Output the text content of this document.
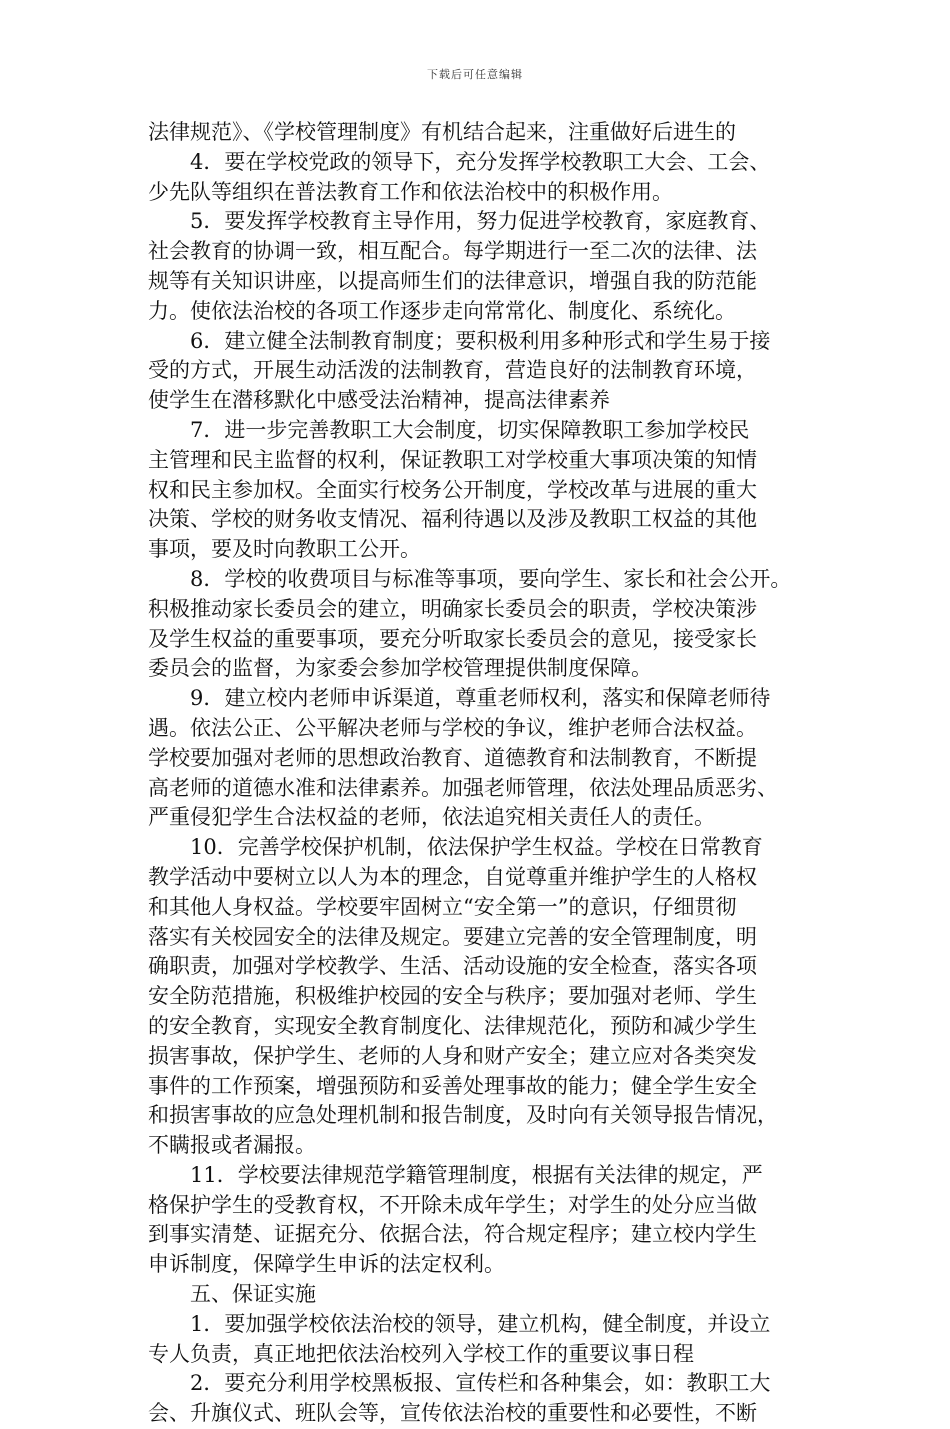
下载后可任意编辑
法律规范》、《学校管理制度》有机结合起来，注重做好后进生的
4．要在学校党政的领导下，充分发挥学校教职工大会、工会、
少先队等组织在普法教育工作和依法治校中的积极作用。
5．要发挥学校教育主导作用，努力促进学校教育，家庭教育、
社会教育的协调一致，相互配合。每学期进行一至二次的法律、法
规等有关知识讲座，以提高师生们的法律意识，增强自我的防范能
力。使依法治校的各项工作逐步走向常常化、制度化、系统化。
6．建立健全法制教育制度；要积极利用多种形式和学生易于接
受的方式，开展生动活泼的法制教育，营造良好的法制教育环境，
使学生在潜移默化中感受法治精神，提高法律素养
7．进一步完善教职工大会制度，切实保障教职工参加学校民
主管理和民主监督的权利，保证教职工对学校重大事项决策的知情
权和民主参加权。全面实行校务公开制度，学校改革与进展的重大
决策、学校的财务收支情况、福利待遇以及涉及教职工权益的其他
事项，要及时向教职工公开。
8．学校的收费项目与标准等事项，要向学生、家长和社会公开。
积极推动家长委员会的建立，明确家长委员会的职责，学校决策涉
及学生权益的重要事项，要充分听取家长委员会的意见，接受家长
委员会的监督，为家委会参加学校管理提供制度保障。
9．建立校内老师申诉渠道，尊重老师权利，落实和保障老师待
遇。依法公正、公平解决老师与学校的争议，维护老师合法权益。
学校要加强对老师的思想政治教育、道德教育和法制教育，不断提
高老师的道德水准和法律素养。加强老师管理，依法处理品质恶劣、
严重侵犯学生合法权益的老师，依法追究相关责任人的责任。
10．完善学校保护机制，依法保护学生权益。学校在日常教育
教学活动中要树立以人为本的理念，自觉尊重并维护学生的人格权
和其他人身权益。学校要牢固树立“安全第一”的意识，仔细贯彻
落实有关校园安全的法律及规定。要建立完善的安全管理制度，明
确职责，加强对学校教学、生活、活动设施的安全检查，落实各项
安全防范措施，积极维护校园的安全与秩序；要加强对老师、学生
的安全教育，实现安全教育制度化、法律规范化，预防和减少学生
损害事故，保护学生、老师的人身和财产安全；建立应对各类突发
事件的工作预案，增强预防和妥善处理事故的能力；健全学生安全
和损害事故的应急处理机制和报告制度，及时向有关领导报告情况，
不瞒报或者漏报。
11．学校要法律规范学籍管理制度，根据有关法律的规定，严
格保护学生的受教育权，不开除未成年学生；对学生的处分应当做
到事实清楚、证据充分、依据合法，符合规定程序；建立校内学生
申诉制度，保障学生申诉的法定权利。
五、保证实施
1．要加强学校依法治校的领导，建立机构，健全制度，并设立
专人负责，真正地把依法治校列入学校工作的重要议事日程
2．要充分利用学校黑板报、宣传栏和各种集会，如：教职工大
会、升旗仪式、班队会等，宣传依法治校的重要性和必要性，不断
